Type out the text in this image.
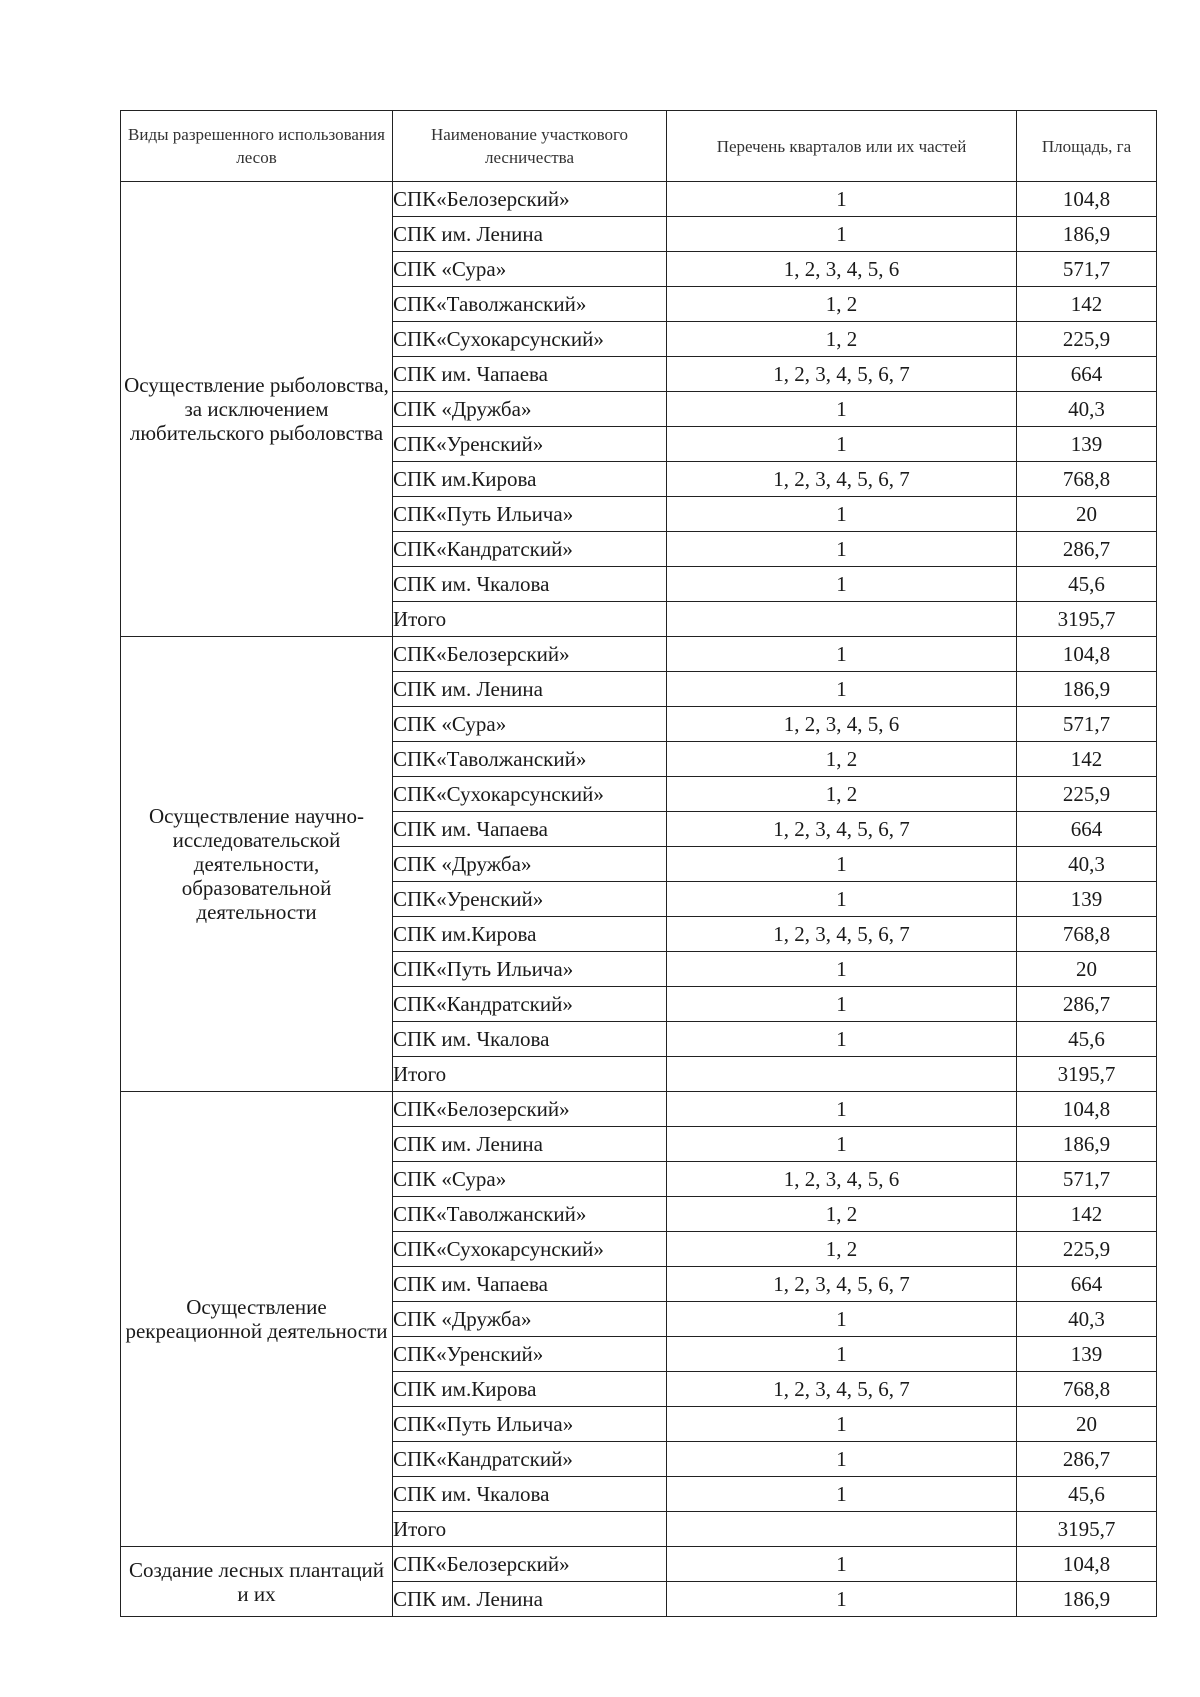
Виды разрешенного использования лесов	Наименование участкового лесничества	Перечень кварталов или их частей	Площадь, га
Осуществление рыболовства, за исключением любительского рыболовства	СПК«Белозерский»	1	104,8
	СПК им. Ленина	1	186,9
	СПК «Сура»	1, 2, 3, 4, 5, 6	571,7
	СПК«Таволжанский»	1, 2	142
	СПК«Сухокарсунский»	1, 2	225,9
	СПК им. Чапаева	1, 2, 3, 4, 5, 6, 7	664
	СПК «Дружба»	1	40,3
	СПК«Уренский»	1	139
	СПК им.Кирова	1, 2, 3, 4, 5, 6, 7	768,8
	СПК«Путь Ильича»	1	20
	СПК«Кандратский»	1	286,7
	СПК им. Чкалова	1	45,6
	Итого		3195,7
Осуществление научно-исследовательской деятельности, образовательной деятельности	СПК«Белозерский»	1	104,8
	СПК им. Ленина	1	186,9
	СПК «Сура»	1, 2, 3, 4, 5, 6	571,7
	СПК«Таволжанский»	1, 2	142
	СПК«Сухокарсунский»	1, 2	225,9
	СПК им. Чапаева	1, 2, 3, 4, 5, 6, 7	664
	СПК «Дружба»	1	40,3
	СПК«Уренский»	1	139
	СПК им.Кирова	1, 2, 3, 4, 5, 6, 7	768,8
	СПК«Путь Ильича»	1	20
	СПК«Кандратский»	1	286,7
	СПК им. Чкалова	1	45,6
	Итого		3195,7
Осуществление рекреационной деятельности	СПК«Белозерский»	1	104,8
	СПК им. Ленина	1	186,9
	СПК «Сура»	1, 2, 3, 4, 5, 6	571,7
	СПК«Таволжанский»	1, 2	142
	СПК«Сухокарсунский»	1, 2	225,9
	СПК им. Чапаева	1, 2, 3, 4, 5, 6, 7	664
	СПК «Дружба»	1	40,3
	СПК«Уренский»	1	139
	СПК им.Кирова	1, 2, 3, 4, 5, 6, 7	768,8
	СПК«Путь Ильича»	1	20
	СПК«Кандратский»	1	286,7
	СПК им. Чкалова	1	45,6
	Итого		3195,7
Создание лесных плантаций и их	СПК«Белозерский»	1	104,8
	СПК им. Ленина	1	186,9
